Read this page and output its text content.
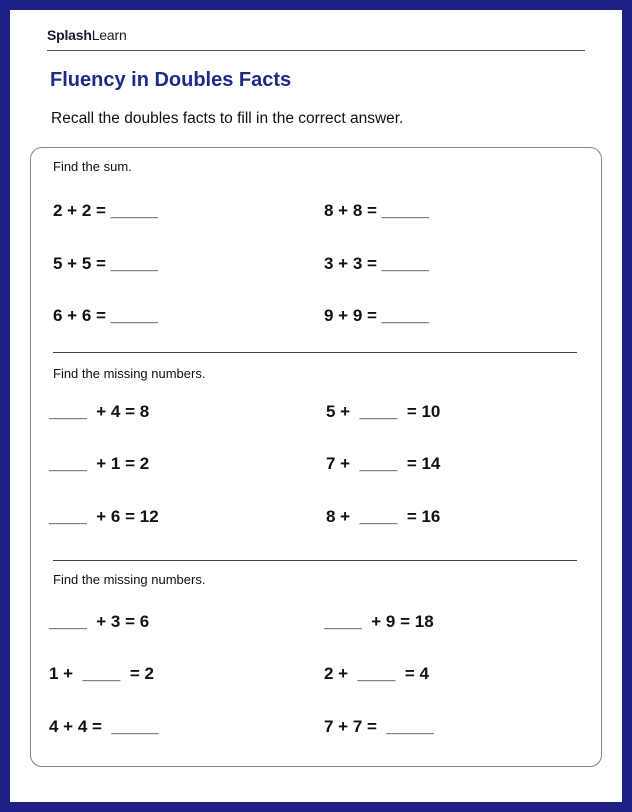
SplashLearn
Fluency in Doubles Facts
Recall the doubles facts to fill in the correct answer.
Find the sum.
2 + 2 = _____	8 + 8 = _____
5 + 5 = _____	3 + 3 = _____
6 + 6 = _____	9 + 9 = _____
Find the missing numbers.
____  + 4 = 8	5 +  ____  = 10
____  + 1 = 2	7 +  ____  = 14
____  + 6 = 12	8 +  ____  = 16
Find the missing numbers.
____  + 3 = 6	____  + 9 = 18
1 +  ____  = 2	2 +  ____  = 4
4 + 4 =  _____	7 + 7 =  _____
